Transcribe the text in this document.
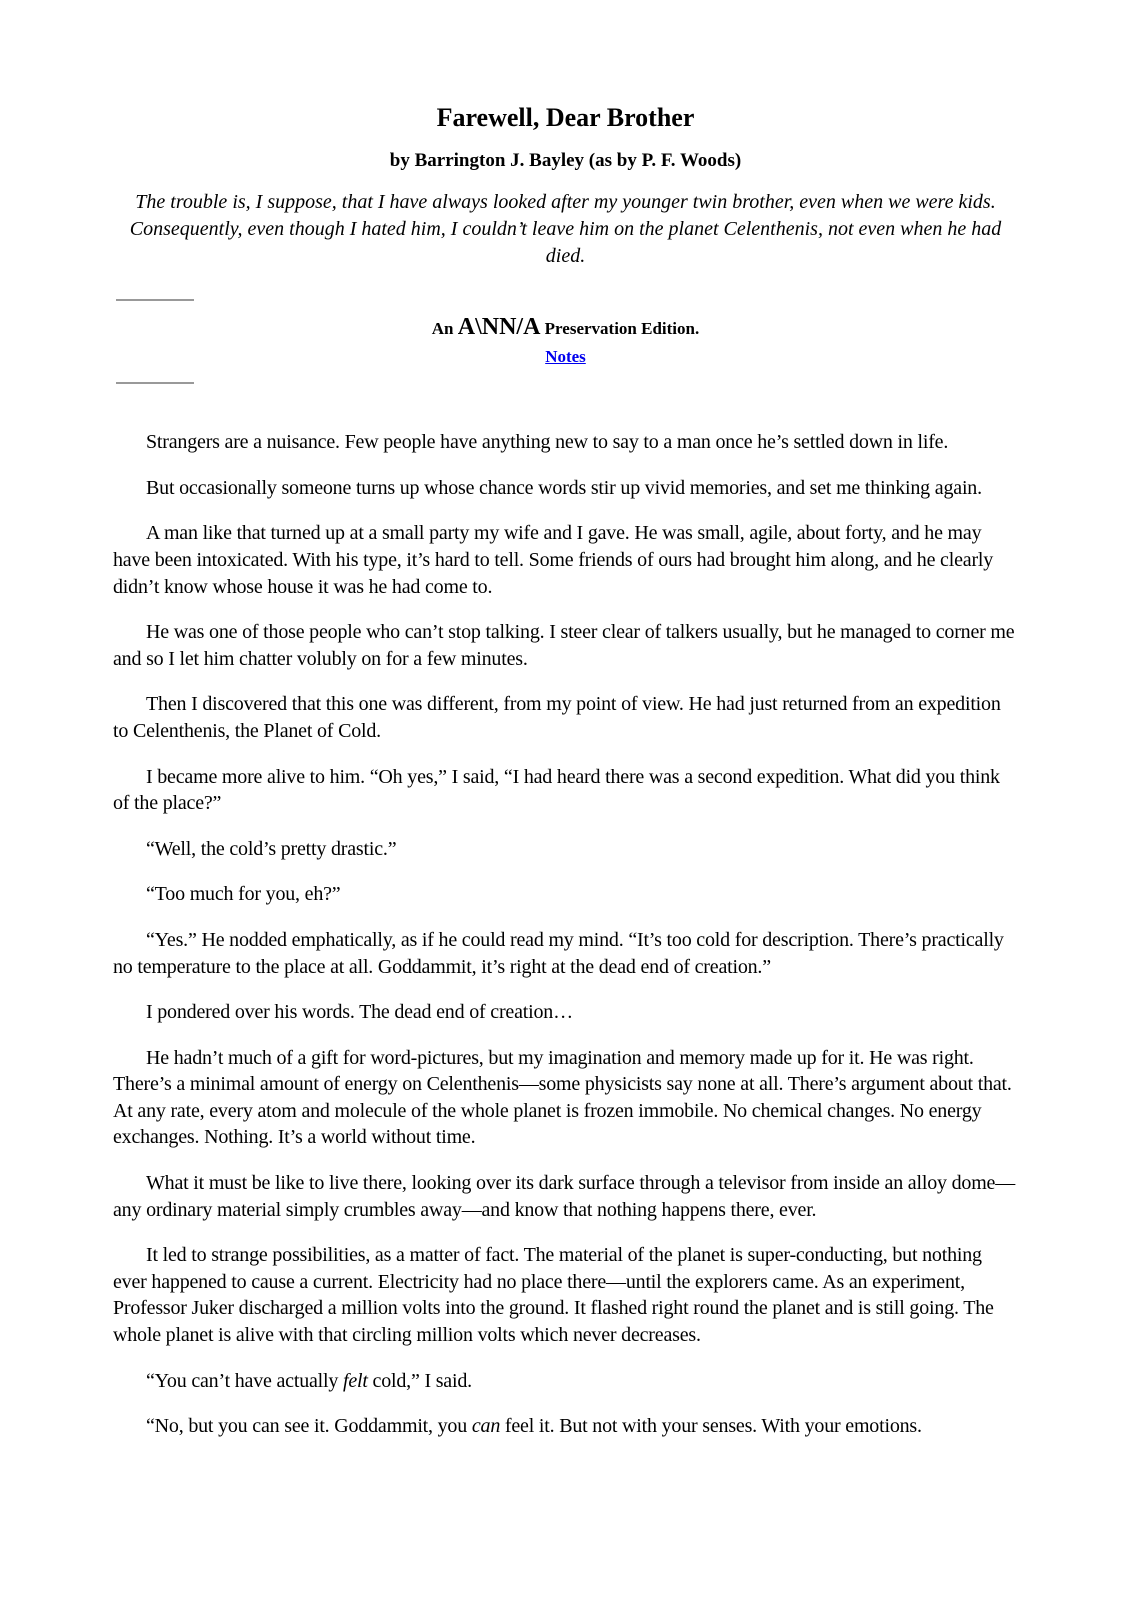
Farewell, Dear Brother
by Barrington J. Bayley (as by P. F. Woods)

The trouble is, I suppose, that I have always looked after my younger twin brother, even when we were kids. Consequently, even though I hated him, I couldn’t leave him on the planet Celenthenis, not even when he had died.

An A\NN/A Preservation Edition.

Notes

Strangers are a nuisance. Few people have anything new to say to a man once he’s settled down in life.

But occasionally someone turns up whose chance words stir up vivid memories, and set me thinking again.

A man like that turned up at a small party my wife and I gave. He was small, agile, about forty, and he may have been intoxicated. With his type, it’s hard to tell. Some friends of ours had brought him along, and he clearly didn’t know whose house it was he had come to.

He was one of those people who can’t stop talking. I steer clear of talkers usually, but he managed to corner me and so I let him chatter volubly on for a few minutes.

Then I discovered that this one was different, from my point of view. He had just returned from an expedition to Celenthenis, the Planet of Cold.

I became more alive to him. “Oh yes,” I said, “I had heard there was a second expedition. What did you think of the place?”

“Well, the cold’s pretty drastic.”

“Too much for you, eh?”

“Yes.” He nodded emphatically, as if he could read my mind. “It’s too cold for description. There’s practically no temperature to the place at all. Goddammit, it’s right at the dead end of creation.”

I pondered over his words. The dead end of creation…

He hadn’t much of a gift for word-pictures, but my imagination and memory made up for it. He was right. There’s a minimal amount of energy on Celenthenis—some physicists say none at all. There’s argument about that. At any rate, every atom and molecule of the whole planet is frozen immobile. No chemical changes. No energy exchanges. Nothing. It’s a world without time.

What it must be like to live there, looking over its dark surface through a televisor from inside an alloy dome—any ordinary material simply crumbles away—and know that nothing happens there, ever.

It led to strange possibilities, as a matter of fact. The material of the planet is super-conducting, but nothing ever happened to cause a current. Electricity had no place there—until the explorers came. As an experiment, Professor Juker discharged a million volts into the ground. It flashed right round the planet and is still going. The whole planet is alive with that circling million volts which never decreases.

“You can’t have actually felt cold,” I said.

“No, but you can see it. Goddammit, you can feel it. But not with your senses. With your emotions.
